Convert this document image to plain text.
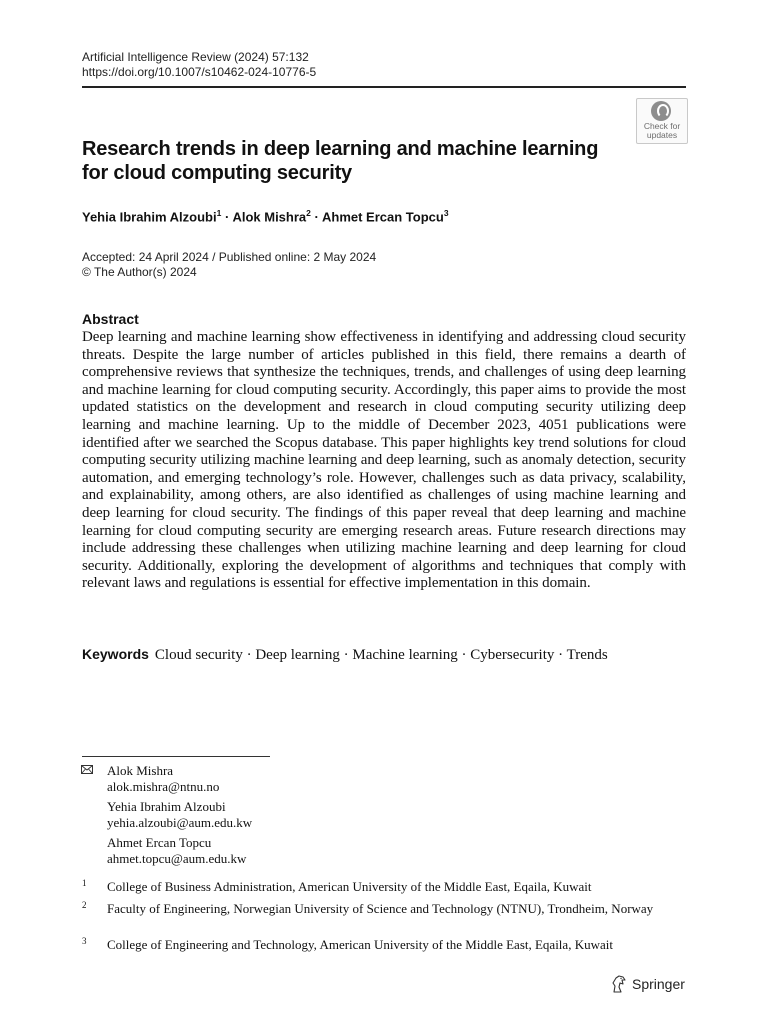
Artificial Intelligence Review (2024) 57:132
https://doi.org/10.1007/s10462-024-10776-5
Check for
updates
Research trends in deep learning and machine learning for cloud computing security
Yehia Ibrahim Alzoubi$^1$ · Alok Mishra$^2$ · Ahmet Ercan Topcu$^3$
Accepted: 24 April 2024 / Published online: 2 May 2024
© The Author(s) 2024
Abstract
Deep learning and machine learning show effectiveness in identifying and addressing cloud security threats. Despite the large number of articles published in this field, there remains a dearth of comprehensive reviews that synthesize the techniques, trends, and challenges of using deep learning and machine learning for cloud computing security. Accordingly, this paper aims to provide the most updated statistics on the development and research in cloud computing security utilizing deep learning and machine learning. Up to the middle of December 2023, 4051 publications were identified after we searched the Scopus database. This paper highlights key trend solutions for cloud computing security utilizing machine learning and deep learning, such as anomaly detection, security automation, and emerging technology’s role. However, challenges such as data privacy, scalability, and explainability, among others, are also identified as challenges of using machine learning and deep learning for cloud security. The findings of this paper reveal that deep learning and machine learning for cloud computing security are emerging research areas. Future research directions may include addressing these challenges when utilizing machine learning and deep learning for cloud security. Additionally, exploring the development of algorithms and techniques that comply with relevant laws and regulations is essential for effective implementation in this domain.
Keywords Cloud security · Deep learning · Machine learning · Cybersecurity · Trends
Alok Mishra
alok.mishra@ntnu.no
Yehia Ibrahim Alzoubi
yehia.alzoubi@aum.edu.kw
Ahmet Ercan Topcu
ahmet.topcu@aum.edu.kw
1 College of Business Administration, American University of the Middle East, Eqaila, Kuwait
2 Faculty of Engineering, Norwegian University of Science and Technology (NTNU), Trondheim, Norway
3 College of Engineering and Technology, American University of the Middle East, Eqaila, Kuwait
Springer
